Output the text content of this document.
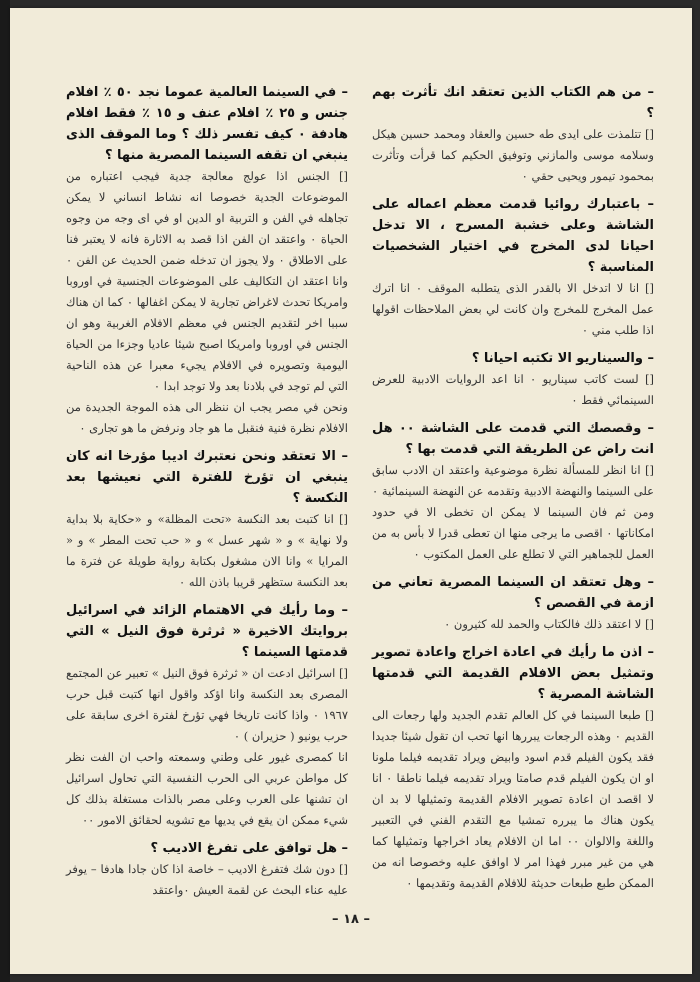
– من هم الكتاب الذين تعتقد انك تأثرت بهم ؟
[] تتلمذت على ايدى طه حسين والعقاد ومحمد حسين هيكل وسلامه موسى والمازني وتوفيق الحكيم كما قرأت وتأثرت بمحمود تيمور ويحيى حقي ٠
– باعتبارك روائيا قدمت معظم اعماله على الشاشة وعلى خشبة المسرح ، الا تدخل احيانا لدى المخرج في اختيار الشخصيات المناسبة ؟
[] انا لا اتدخل الا بالقدر الذى يتطلبه الموقف ٠ انا اترك عمل المخرج للمخرج وان كانت لي بعض الملاحظات اقولها اذا طلب مني ٠
– والسيناريو الا تكتبه احيانا ؟
[] لست كاتب سيناريو ٠ انا اعد الروايات الادبية للعرض السينمائي فقط ٠
– وقصصك التي قدمت على الشاشة ٠٠ هل انت راض عن الطريقة التي قدمت بها ؟
[] انا انظر للمسألة نظرة موضوعية واعتقد ان الادب سابق على السينما والنهضة الادبية وتقدمه عن النهضة السينمائية ٠ ومن ثم فان السينما لا يمكن ان تخطى الا في حدود امكاناتها ٠ اقصى ما يرجى منها ان تعطى قدرا لا بأس به من العمل للجماهير التي لا تطلع على العمل المكتوب ٠
– وهل تعتقد ان السينما المصرية تعاني من ازمة في القصص ؟
[] لا اعتقد ذلك فالكتاب والحمد لله كثيرون ٠
– اذن ما رأيك في اعادة اخراج واعادة تصوير وتمثيل بعض الافلام القديمة التي قدمتها الشاشة المصرية ؟
[] طبعا السينما في كل العالم تقدم الجديد ولها رجعات الى القديم ٠ وهذه الرجعات يبررها انها تحب ان تقول شيئا جديدا فقد يكون الفيلم قدم اسود وابيض ويراد تقديمه فيلما ملونا او ان يكون الفيلم قدم صامتا ويراد تقديمه فيلما ناطقا ٠ انا لا اقصد ان اعادة تصوير الافلام القديمة وتمثيلها لا بد ان يكون هناك ما يبرره تمشيا مع التقدم الفني في التعبير واللغة والالوان ٠٠ اما ان الافلام يعاد اخراجها وتمثيلها كما هي من غير مبرر فهذا امر لا اوافق عليه وخصوصا انه من الممكن طبع طبعات حديثة للافلام القديمة وتقديمها ٠
– في السينما العالمية عموما نجد ٥٠ ٪ افلام جنس و ٢٥ ٪ افلام عنف و ١٥ ٪ فقط افلام هادفة ٠ كيف تفسر ذلك ؟ وما الموقف الذى ينبغي ان تقفه السينما المصرية منها ؟
[] الجنس اذا عولج معالجة جدية فيجب اعتباره من الموضوعات الجدية خصوصا انه نشاط انساني لا يمكن تجاهله في الفن و التربية او الدين او في اى وجه من وجوه الحياة ٠ واعتقد ان الفن اذا قصد به الاثارة فانه لا يعتبر فنا على الاطلاق ٠ ولا يجوز ان تدخله ضمن الحديث عن الفن ٠ وانا اعتقد ان التكاليف على الموضوعات الجنسية في اوروبا وامريكا تحدث لاغراض تجارية لا يمكن اغفالها ٠ كما ان هناك سببا اخر لتقديم الجنس في معظم الافلام الغربية وهو ان الجنس في اوروبا وامريكا اصبح شيئا عاديا وجزءا من الحياة اليومية وتصويره في الافلام يجيء معبرا عن هذه الناحية التي لم توجد في بلادنا بعد ولا توجد ابدا ٠
ونحن في مصر يجب ان ننظر الى هذه الموجة الجديدة من الافلام نظرة فنية فنقبل ما هو جاد ونرفض ما هو تجارى ٠
– الا تعتقد ونحن نعتبرك اديبا مؤرخا انه كان ينبغي ان تؤرخ للفترة التي نعيشها بعد النكسة ؟
[] انا كتبت بعد النكسة «تحت المظلة» و «حكاية بلا بداية ولا نهاية » و « شهر عسل » و « حب تحت المطر » و « المرايا » وانا الان مشغول بكتابة رواية طويلة عن فترة ما بعد النكسة ستظهر قريبا باذن الله ٠
– وما رأيك في الاهتمام الزائد في اسرائيل بروايتك الاخيرة « ثرثرة فوق النيل » التي قدمتها السينما ؟
[] اسرائيل ادعت ان « ثرثرة فوق النيل » تعبير عن المجتمع المصرى بعد النكسة وانا اؤكد واقول انها كتبت قبل حرب ١٩٦٧ ٠ واذا كانت تاريخا فهي تؤرخ لفترة اخرى سابقة على حرب يونيو ( حزيران ) ٠
انا كمصرى غيور على وطني وسمعته واحب ان الفت نظر كل مواطن عربي الى الحرب النفسية التي تحاول اسرائيل ان تشنها على العرب وعلى مصر بالذات مستغلة بذلك كل شيء ممكن ان يقع في يديها مع تشويه لحقائق الامور ٠٠
– هل توافق على تفرغ الاديب ؟
[] دون شك فتفرغ الاديب – خاصة اذا كان جادا هادفا – يوفر عليه عناء البحث عن لقمة العيش ٠واعتقد
– ١٨ –
